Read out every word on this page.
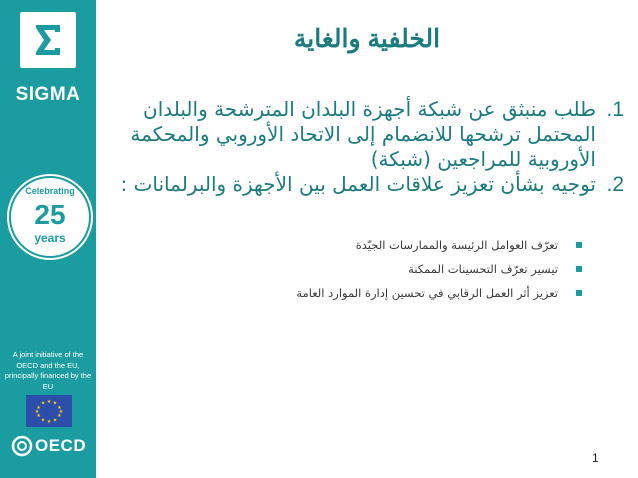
SIGMA
Celebrating
25
years
A joint initiative of the OECD and the EU, principally financed by the EU
★ ★
★
★
★
★
★
★
★
★
★
★
OECD
الخلفية والغاية
1.
طلب منبثق عن شبكة أجهزة البلدان المترشحة والبلدان المحتمل ترشحها للانضمام إلى الاتحاد الأوروبي والمحكمة الأوروبية للمراجعين (شبكة)
2.
توجيه بشأن تعزيز علاقات العمل بين الأجهزة والبرلمانات :
تعرّف العوامل الرئيسة والممارسات الجيّدة
تيسير تعرّف التحسينات الممكنة
تعزيز أثر العمل الرقابي في تحسين إدارة الموارد العامة
1
